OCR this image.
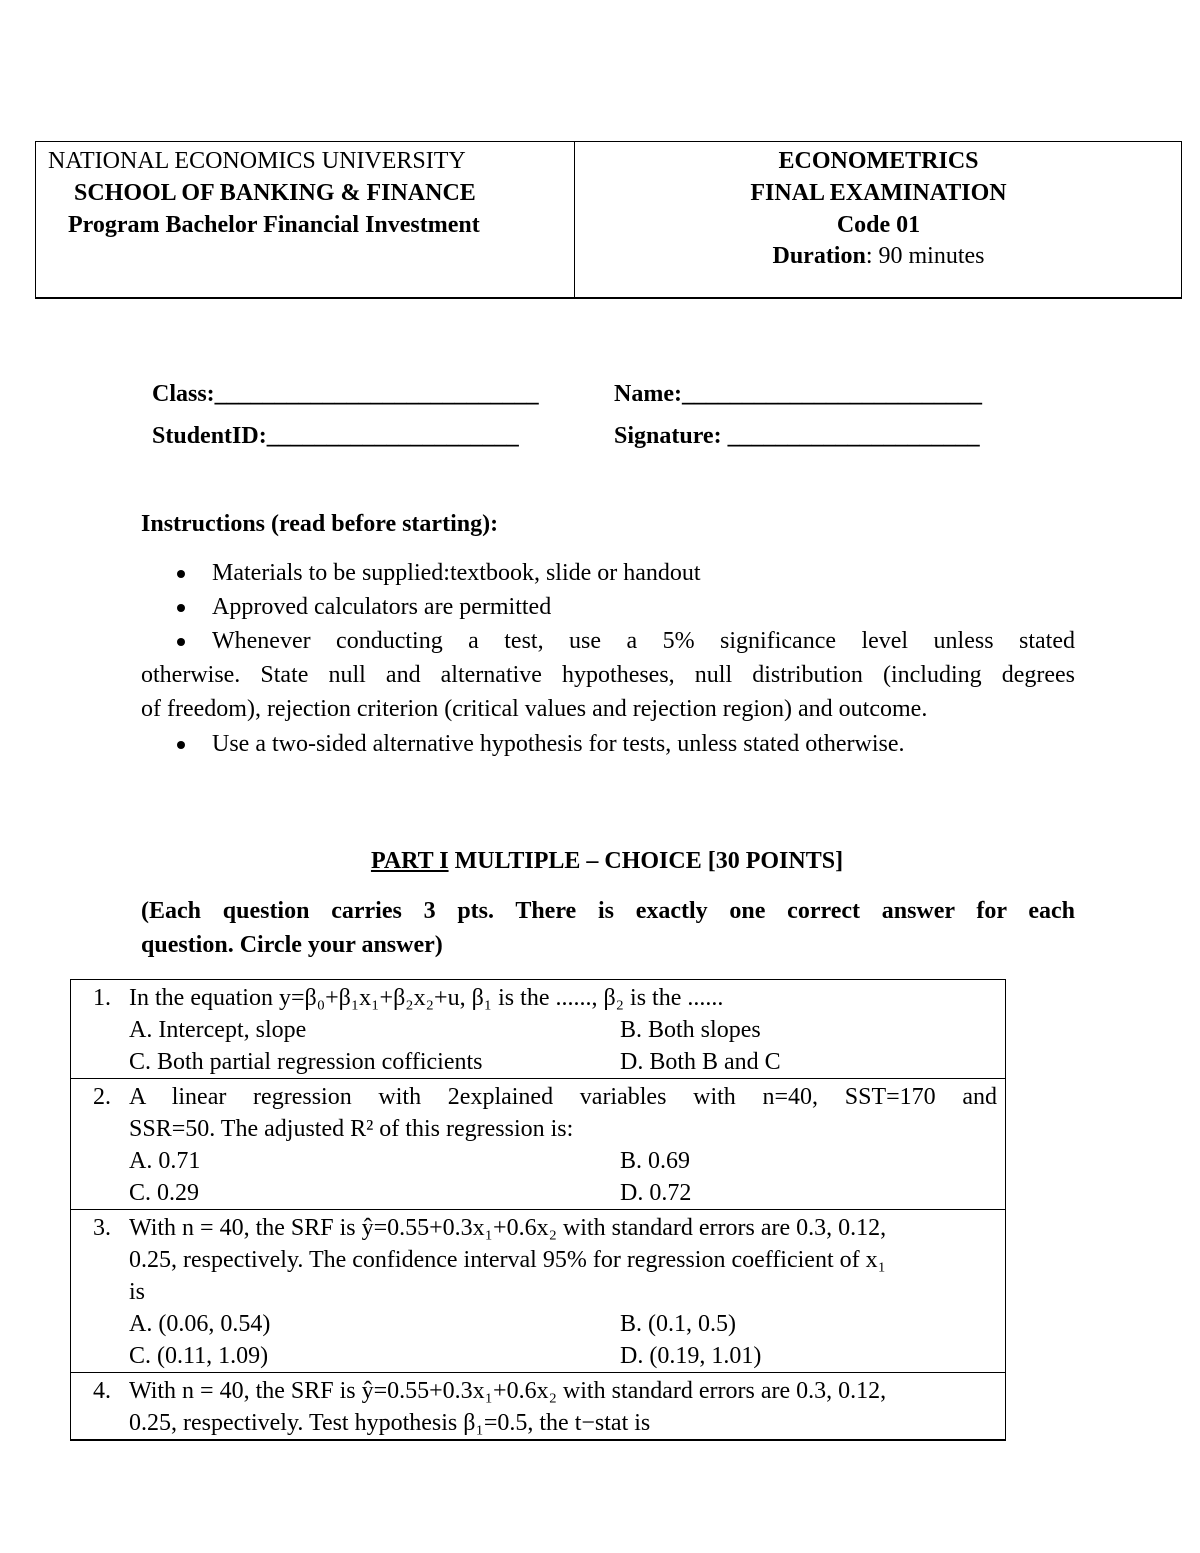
NATIONAL ECONOMICS UNIVERSITY
SCHOOL OF BANKING & FINANCE
Program Bachelor Financial Investment
ECONOMETRICS
FINAL EXAMINATION
Code 01
Duration: 90 minutes
Class:___________________________	Name:_________________________
StudentID:_____________________	Signature: _____________________
Instructions (read before starting):
Materials to be supplied:textbook, slide or handout
Approved calculators are permitted
Whenever conducting a test, use a 5% significance level unless stated
otherwise. State null and alternative hypotheses, null distribution (including degrees
of freedom), rejection criterion (critical values and rejection region) and outcome.
Use a two-sided alternative hypothesis for tests, unless stated otherwise.
PART I MULTIPLE – CHOICE [30 POINTS]
(Each question carries 3 pts. There is exactly one correct answer for each
question. Circle your answer)
1. In the equation y=β₀+β₁x₁+β₂x₂+u, β₁ is the ......, β₂ is the ......
A. Intercept, slope	B. Both slopes
C. Both partial regression cofficients	D. Both B and C
2. A linear regression with 2explained variables with n=40, SST=170 and
SSR=50. The adjusted R² of this regression is:
A. 0.71	B. 0.69
C. 0.29	D. 0.72
3. With n = 40, the SRF is ŷ=0.55+0.3x₁+0.6x₂ with standard errors are 0.3, 0.12,
0.25, respectively. The confidence interval 95% for regression coefficient of x₁
is
A. (0.06, 0.54)	B. (0.1, 0.5)
C. (0.11, 1.09)	D. (0.19, 1.01)
4. With n = 40, the SRF is ŷ=0.55+0.3x₁+0.6x₂ with standard errors are 0.3, 0.12,
0.25, respectively. Test hypothesis β₁=0.5, the t−stat is
